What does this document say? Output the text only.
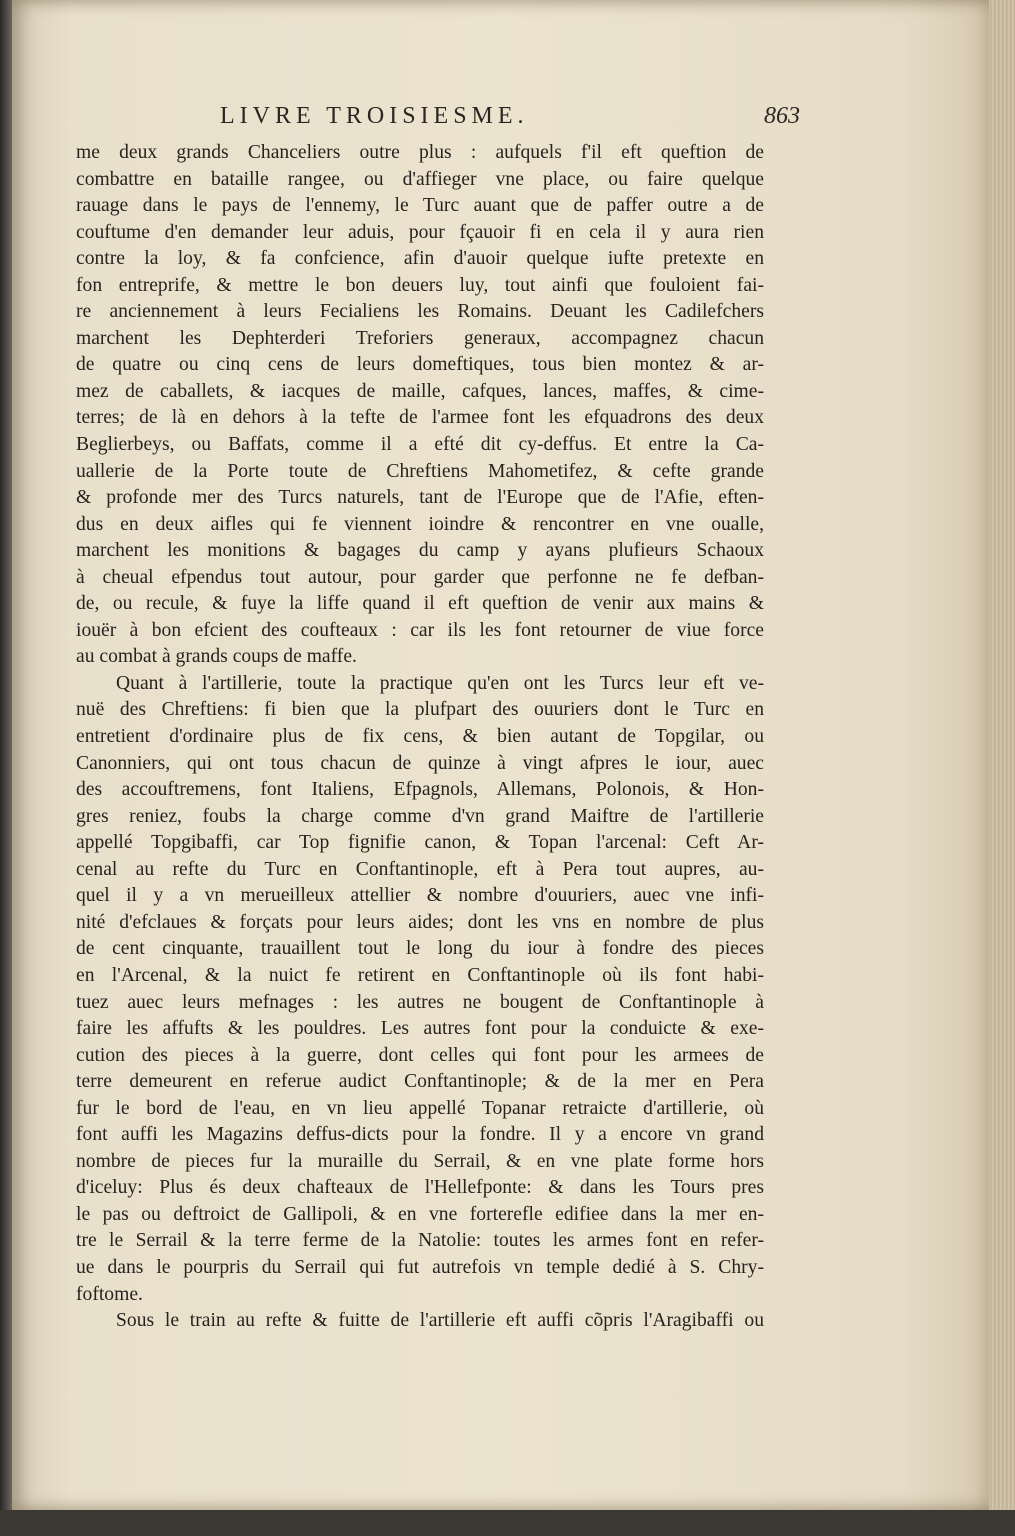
LIVRE TROISIESME.	863
me deux grands Chanceliers outre plus : aufquels f'il eft queftion de
combattre en bataille rangee, ou d'affieger vne place, ou faire quelque
rauage dans le pays de l'ennemy, le Turc auant que de paffer outre a de
couftume d'en demander leur aduis, pour fçauoir fi en cela il y aura rien
contre la loy, & fa confcience, afin d'auoir quelque iufte pretexte en
fon entreprife, & mettre le bon deuers luy, tout ainfi que fouloient fai-
re anciennement à leurs Fecialiens les Romains. Deuant les Cadilefchers
marchent les Dephterderi Treforiers generaux, accompagnez chacun
de quatre ou cinq cens de leurs domeftiques, tous bien montez & ar-
mez de caballets, & iacques de maille, cafques, lances, maffes, & cime-
terres; de là en dehors à la tefte de l'armee font les efquadrons des deux
Beglierbeys, ou Baffats, comme il a efté dit cy-deffus. Et entre la Ca-
uallerie de la Porte toute de Chreftiens Mahometifez, & cefte grande
& profonde mer des Turcs naturels, tant de l'Europe que de l'Afie, eften-
dus en deux aifles qui fe viennent ioindre & rencontrer en vne oualle,
marchent les monitions & bagages du camp y ayans plufieurs Schaoux
à cheual efpendus tout autour, pour garder que perfonne ne fe defban-
de, ou recule, & fuye la liffe quand il eft queftion de venir aux mains &
iouër à bon efcient des coufteaux : car ils les font retourner de viue force
au combat à grands coups de maffe.
Quant à l'artillerie, toute la practique qu'en ont les Turcs leur eft ve-
nuë des Chreftiens: fi bien que la plufpart des ouuriers dont le Turc en
entretient d'ordinaire plus de fix cens, & bien autant de Topgilar, ou
Canonniers, qui ont tous chacun de quinze à vingt afpres le iour, auec
des accouftremens, font Italiens, Efpagnols, Allemans, Polonois, & Hon-
gres reniez, foubs la charge comme d'vn grand Maiftre de l'artillerie
appellé Topgibaffi, car Top fignifie canon, & Topan l'arcenal: Ceft Ar-
cenal au refte du Turc en Conftantinople, eft à Pera tout aupres, au-
quel il y a vn merueilleux attellier & nombre d'ouuriers, auec vne infi-
nité d'efclaues & forçats pour leurs aides; dont les vns en nombre de plus
de cent cinquante, trauaillent tout le long du iour à fondre des pieces
en l'Arcenal, & la nuict fe retirent en Conftantinople où ils font habi-
tuez auec leurs mefnages : les autres ne bougent de Conftantinople à
faire les affufts & les pouldres. Les autres font pour la conduicte & exe-
cution des pieces à la guerre, dont celles qui font pour les armees de
terre demeurent en referue audict Conftantinople; & de la mer en Pera
fur le bord de l'eau, en vn lieu appellé Topanar retraicte d'artillerie, où
font auffi les Magazins deffus-dicts pour la fondre. Il y a encore vn grand
nombre de pieces fur la muraille du Serrail, & en vne plate forme hors
d'iceluy: Plus és deux chafteaux de l'Hellefponte: & dans les Tours pres
le pas ou deftroict de Gallipoli, & en vne forterefle edifiee dans la mer en-
tre le Serrail & la terre ferme de la Natolie: toutes les armes font en refer-
ue dans le pourpris du Serrail qui fut autrefois vn temple dedié à S. Chry-
foftome.
Sous le train au refte & fuitte de l'artillerie eft auffi cõpris l'Aragibaffi ou
